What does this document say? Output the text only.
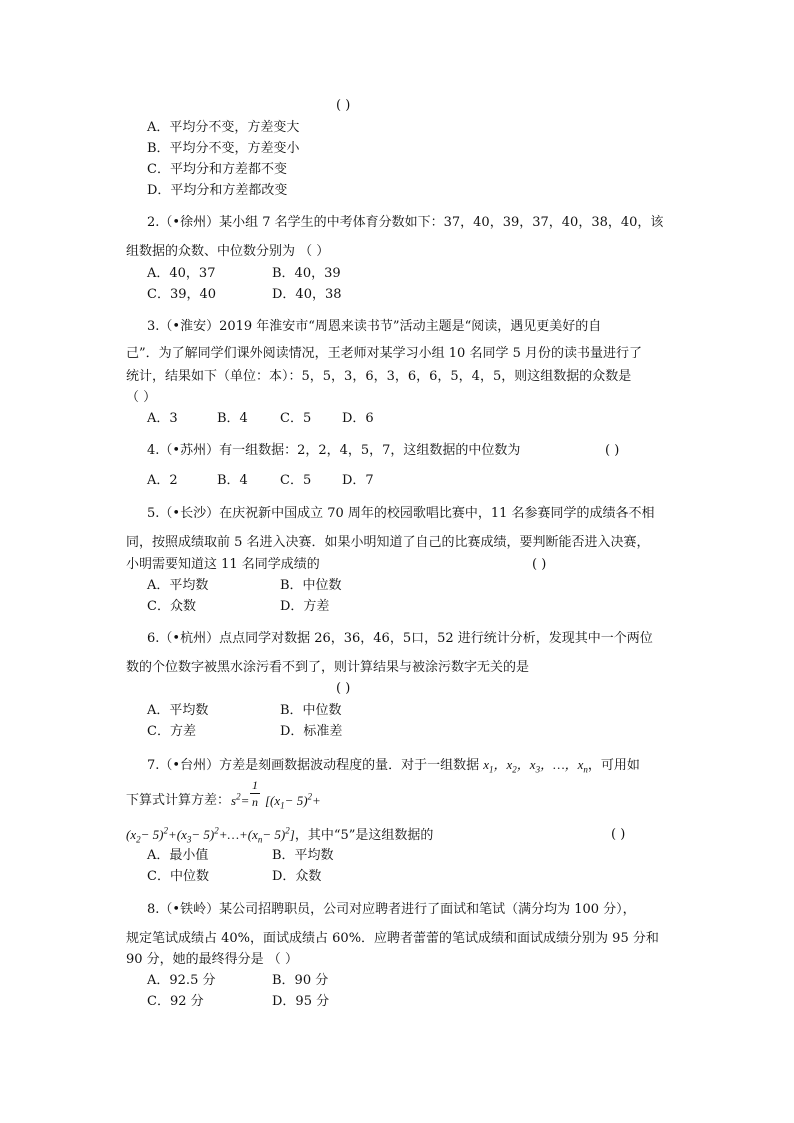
( )
A．平均分不变，方差变大
B．平均分不变，方差变小
C．平均分和方差都不变
D．平均分和方差都改变
2.（•徐州）某小组 7 名学生的中考体育分数如下：37，40，39，37，40，38，40，该
组数据的众数、中位数分别为 （ ）
A．40，37	B．40，39
C．39，40	D．40，38
3.（•淮安）2019 年淮安市“周恩来读书节”活动主题是“阅读，遇见更美好的自
己”．为了解同学们课外阅读情况，王老师对某学习小组 10 名同学 5 月份的读书量进行了
统计，结果如下（单位：本）：5，5，3，6，3，6，6，5，4，5，则这组数据的众数是
（ ）
A．3	B．4 C．5 D．6
4.（•苏州）有一组数据：2，2，4，5，7，这组数据的中位数为	( )
A．2	B．4 C．5 D．7
5.（•长沙）在庆祝新中国成立 70 周年的校园歌唱比赛中，11 名参赛同学的成绩各不相
同，按照成绩取前 5 名进入决赛．如果小明知道了自己的比赛成绩，要判断能否进入决赛，
小明需要知道这 11 名同学成绩的	( )
A．平均数	B．中位数
C．众数	D．方差
6.（•杭州）点点同学对数据 26，36，46，5口，52 进行统计分析，发现其中一个两位
数的个位数字被黑水涂污看不到了，则计算结果与被涂污数字无关的是
( )
A．平均数	B．中位数
C．方差	D．标准差
7.（•台州）方差是刻画数据波动程度的量．对于一组数据 $x_1$，$x_2$，$x_3$，…，$x_n$，可用如
下算式计算方差： $s^2=$
1
n [$(x_1- 5)^2+$
$(x_2- 5)^2+(x_3-$ $5)^2+\dots+(x_n- 5)^2$]，其中“5”是这组数据的	( )
A．最小值	B．平均数
C．中位数	D．众数
8.（•铁岭）某公司招聘职员，公司对应聘者进行了面试和笔试（满分均为 100 分），
规定笔试成绩占 40%，面试成绩占 60%．应聘者蕾蕾的笔试成绩和面试成绩分别为 95 分和
90 分，她的最终得分是 （ ）
A．92.5 分	B．90 分
C．92 分	D．95 分
